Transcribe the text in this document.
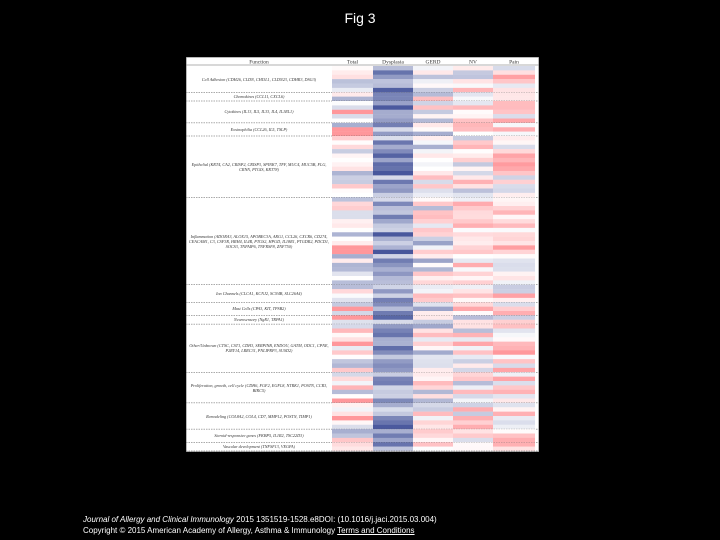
Fig 3
Function	Total	Dysplasia	GERD	NV	Pain
Cell Adhesion (CDH26, CLDN, CHI3L1, CLDN23, CDHR3, DSG3)
Chemokines (CCL11, CXCL6)
Cytokines (IL13, IL5, IL33, IL4, IL1RL1)
Eosinophilia (CCL26, IL5, TSLP)
Epithelial (KRT4, CA2, CRISP2, CRISP3, SPINK7, TFF, MUC4, MUC5B, FLG, CRNN, PTGIS, KRT78)
Inflammation (ADORA3, ALOX15, APOBEC3A, ARG1, CCL26, CXCR6, CD274, CEACAM1, C3, CSF3R, HRH4, IL4R, PTGS2, HPGD, IL18R1, PTGDR2, PDCD1, SOCS3, TNFAIP6, TNFRSF8, ZNF750)
Ion Channels (CLCA1, KCNJ2, SCN4B, SLC26A4)
Mast Cells (CPA3, KIT, TPSB2)
Neurosensory (NgR1, TRPA1)
Other/Unknown (CTSC, CST1, CDH3, SERPINB, ENDOU, GATM, ODC1, CPNE, P2RY14, LRRC31, PNLIPRP3, SUSD2)
Proliferation, growth, cell cycle (CDH6, FGF2, EGFL8, NTRK1, POSTN, CCR3, BIRC5)
Remodeling (COL8A2, COL4, CD7, MMP12, POSTN, TIMP1)
Steroid-responsive genes (FKBP5, IL1R2, TSC22D3)
Vascular development (TNFSF13, VEGFA)
Journal of Allergy and Clinical Immunology 2015 1351519-1528.e8DOI: (10.1016/j.jaci.2015.03.004)
Copyright © 2015 American Academy of Allergy, Asthma & Immunology Terms and Conditions
